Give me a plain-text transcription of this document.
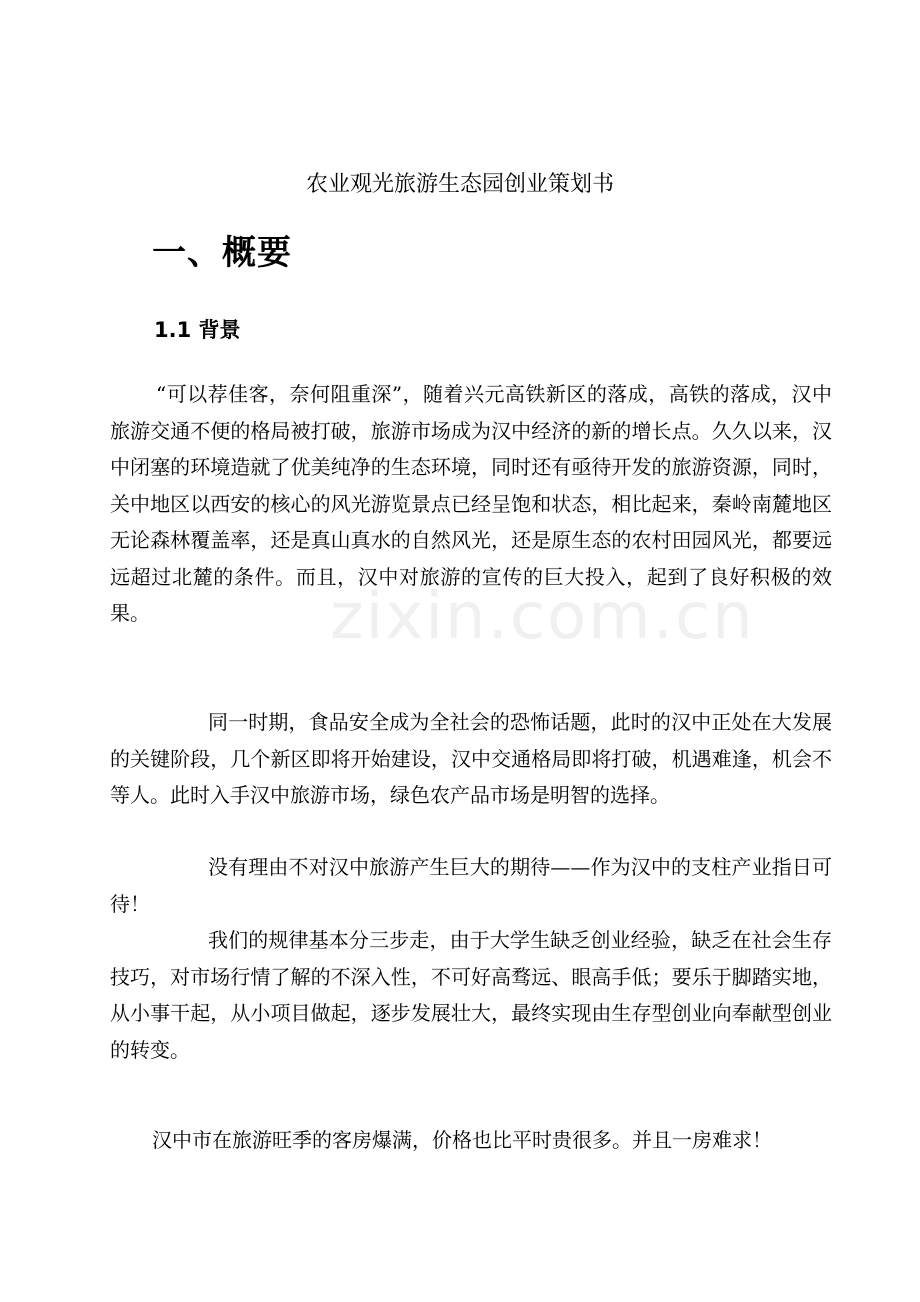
农业观光旅游生态园创业策划书
一、概要
1.1 背景

“可以荐佳客，奈何阻重深”，随着兴元高铁新区的落成，高铁的落成，汉中旅游交通不便的格局被打破，旅游市场成为汉中经济的新的增长点。久久以来，汉中闭塞的环境造就了优美纯净的生态环境，同时还有亟待开发的旅游资源，同时，关中地区以西安的核心的风光游览景点已经呈饱和状态，相比起来，秦岭南麓地区无论森林覆盖率，还是真山真水的自然风光，还是原生态的农村田园风光，都要远远超过北麓的条件。而且，汉中对旅游的宣传的巨大投入，起到了良好积极的效果。

同一时期，食品安全成为全社会的恐怖话题，此时的汉中正处在大发展的关键阶段，几个新区即将开始建设，汉中交通格局即将打破，机遇难逢，机会不等人。此时入手汉中旅游市场，绿色农产品市场是明智的选择。

没有理由不对汉中旅游产生巨大的期待——作为汉中的支柱产业指日可待！

我们的规律基本分三步走，由于大学生缺乏创业经验，缺乏在社会生存技巧，对市场行情了解的不深入性，不可好高骛远、眼高手低；要乐于脚踏实地，从小事干起，从小项目做起，逐步发展壮大，最终实现由生存型创业向奉献型创业的转变。

汉中市在旅游旺季的客房爆满，价格也比平时贵很多。并且一房难求！

zixin.com.cn
